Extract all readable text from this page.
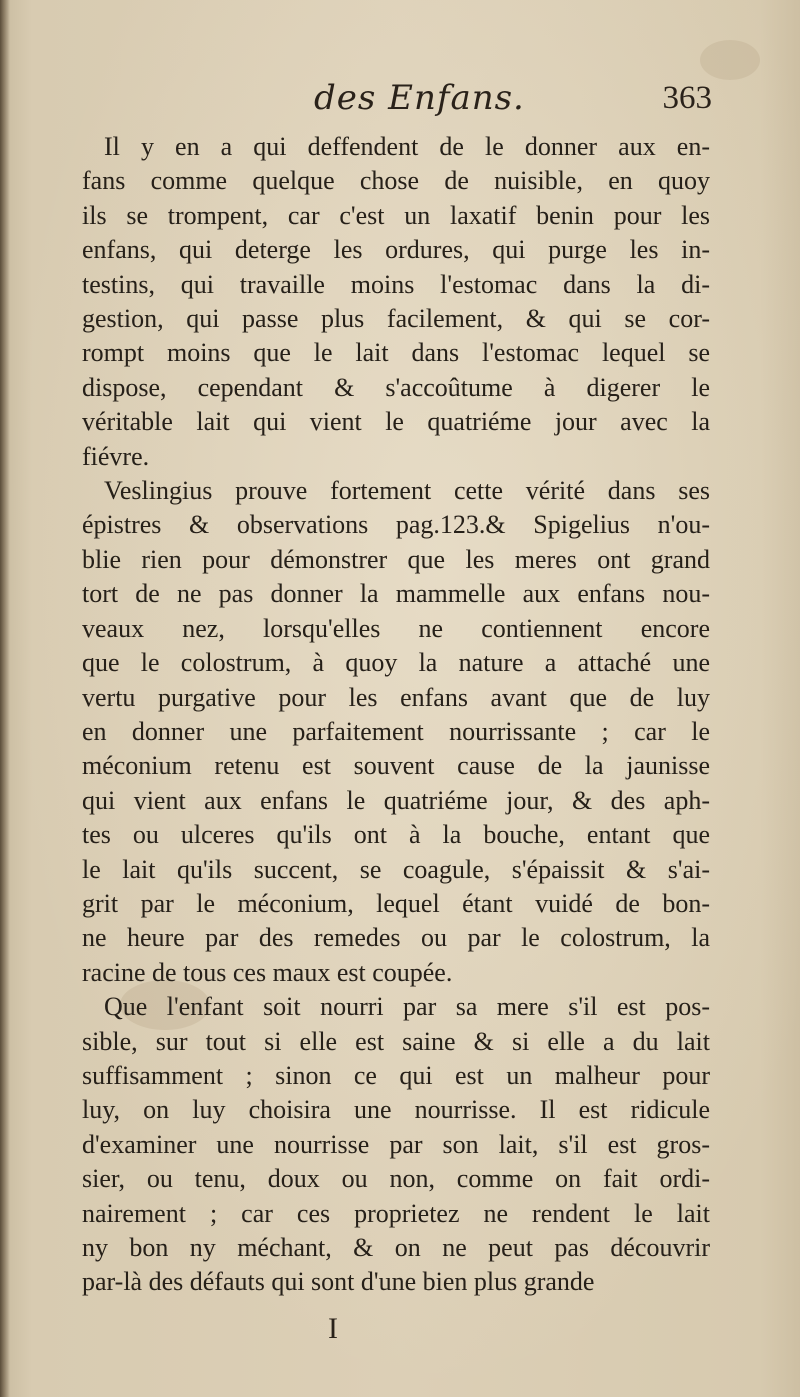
des Enfans.	363
Il y en a qui deffendent de le donner aux en-
fans comme quelque chose de nuisible, en quoy
ils se trompent, car c'est un laxatif benin pour les
enfans, qui deterge les ordures, qui purge les in-
testins, qui travaille moins l'estomac dans la di-
gestion, qui passe plus facilement, & qui se cor-
rompt moins que le lait dans l'estomac lequel se
dispose, cependant & s'accoûtume à digerer le
véritable lait qui vient le quatriéme jour avec la
fiévre.
Veslingius prouve fortement cette vérité dans ses
épistres & observations pag.123.& Spigelius n'ou-
blie rien pour démonstrer que les meres ont grand
tort de ne pas donner la mammelle aux enfans nou-
veaux nez, lorsqu'elles ne contiennent encore
que le colostrum, à quoy la nature a attaché une
vertu purgative pour les enfans avant que de luy
en donner une parfaitement nourrissante ; car le
méconium retenu est souvent cause de la jaunisse
qui vient aux enfans le quatriéme jour, & des aph-
tes ou ulceres qu'ils ont à la bouche, entant que
le lait qu'ils succent, se coagule, s'épaissit & s'ai-
grit par le méconium, lequel étant vuidé de bon-
ne heure par des remedes ou par le colostrum, la
racine de tous ces maux est coupée.
Que l'enfant soit nourri par sa mere s'il est pos-
sible, sur tout si elle est saine & si elle a du lait
suffisamment ; sinon ce qui est un malheur pour
luy, on luy choisira une nourrisse. Il est ridicule
d'examiner une nourrisse par son lait, s'il est gros-
sier, ou tenu, doux ou non, comme on fait ordi-
nairement ; car ces proprietez ne rendent le lait
ny bon ny méchant, & on ne peut pas découvrir
par-là des défauts qui sont d'une bien plus grande
I
